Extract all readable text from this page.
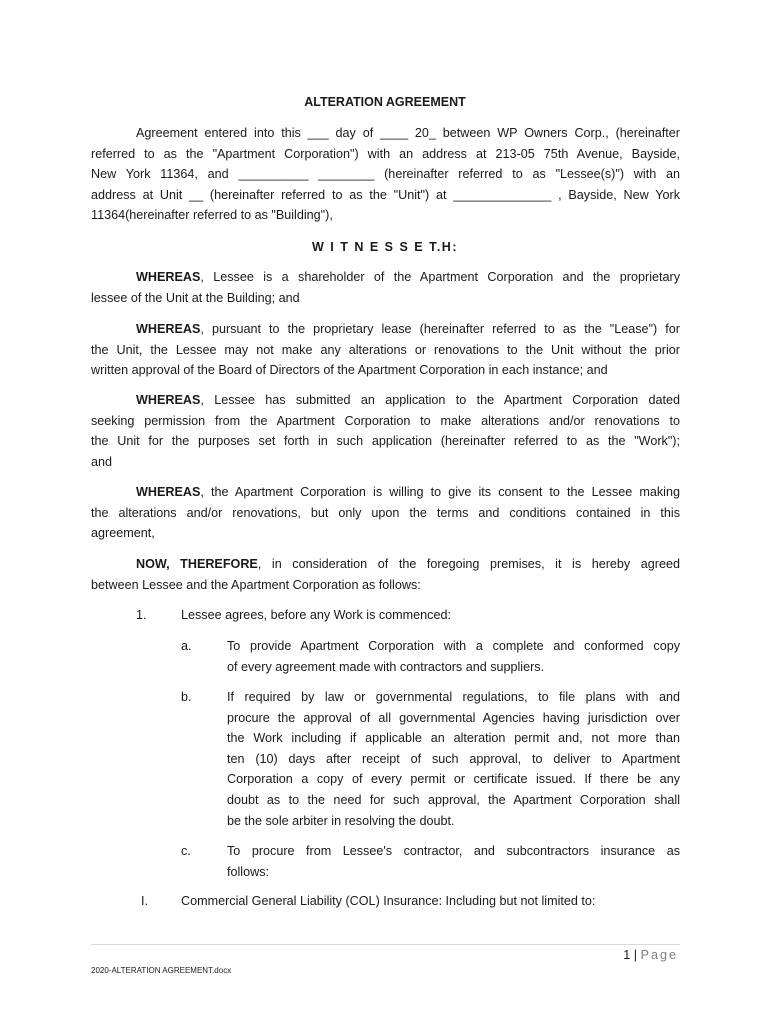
ALTERATION AGREEMENT
Agreement entered into this ___ day of ____ 20_ between WP Owners Corp., (hereinafter
referred to as the "Apartment Corporation") with an address at 213-05 75th Avenue, Bayside,
New York 11364, and __________ ________ (hereinafter referred to as "Lessee(s)") with an
address at Unit __ (hereinafter referred to as the "Unit") at ______________ , Bayside, New York
11364(hereinafter referred to as "Building"),
W I T N E S S E T.H:
WHEREAS, Lessee is a shareholder of the Apartment Corporation and the proprietary
lessee of the Unit at the Building; and
WHEREAS, pursuant to the proprietary lease (hereinafter referred to as the "Lease") for
the Unit, the Lessee may not make any alterations or renovations to the Unit without the prior
written approval of the Board of Directors of the Apartment Corporation in each instance; and
WHEREAS, Lessee has submitted an application to the Apartment Corporation dated
seeking permission from the Apartment Corporation to make alterations and/or renovations to
the Unit for the purposes set forth in such application (hereinafter referred to as the "Work");
and
WHEREAS, the Apartment Corporation is willing to give its consent to the Lessee making
the alterations and/or renovations, but only upon the terms and conditions contained in this
agreement,
NOW, THEREFORE, in consideration of the foregoing premises, it is hereby agreed
between Lessee and the Apartment Corporation as follows:
1.	Lessee agrees, before any Work is commenced:
a.	To provide Apartment Corporation with a complete and conformed copy
of every agreement made with contractors and suppliers.
b.	If required by law or governmental regulations, to file plans with and
procure the approval of all governmental Agencies having jurisdiction over
the Work including if applicable an alteration permit and, not more than
ten (10) days after receipt of such approval, to deliver to Apartment
Corporation a copy of every permit or certificate issued. If there be any
doubt as to the need for such approval, the Apartment Corporation shall
be the sole arbiter in resolving the doubt.
c.	To procure from Lessee's contractor, and subcontractors insurance as
follows:
I.	Commercial General Liability (COL) Insurance: Including but not limited to:
1 | Page
2020-ALTERATION AGREEMENT.docx
